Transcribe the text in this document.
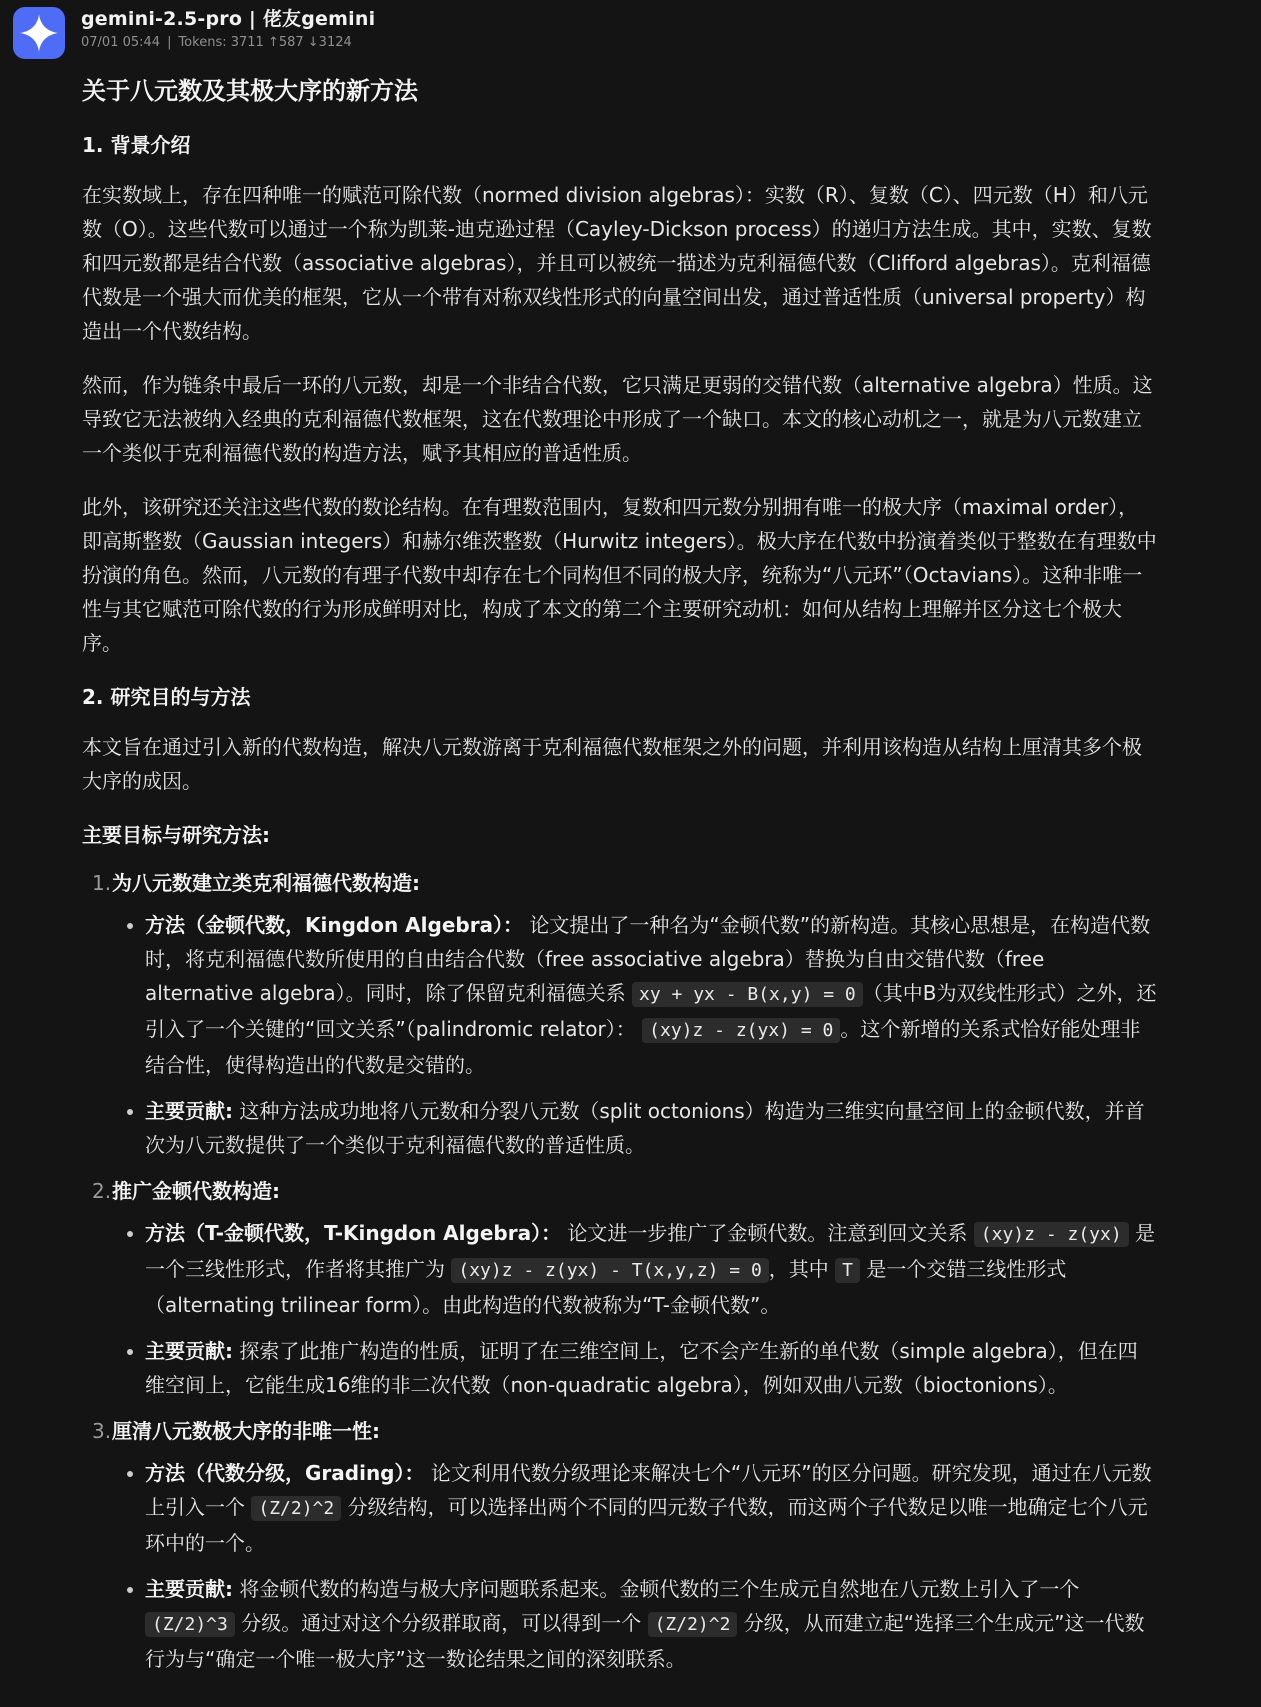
gemini-2.5-pro | 佬友gemini
07/01 05:44 | Tokens: 3711 ↑587 ↓3124
关于八元数及其极大序的新方法
1. 背景介绍

在实数域上，存在四种唯一的赋范可除代数（normed division algebras）：实数（R）、复数（C）、四元数（H）和八元数（O）。这些代数可以通过一个称为凯莱-迪克逊过程（Cayley-Dickson process）的递归方法生成。其中，实数、复数和四元数都是结合代数（associative algebras），并且可以被统一描述为克利福德代数（Clifford algebras）。克利福德代数是一个强大而优美的框架，它从一个带有对称双线性形式的向量空间出发，通过普适性质（universal property）构造出一个代数结构。

然而，作为链条中最后一环的八元数，却是一个非结合代数，它只满足更弱的交错代数（alternative algebra）性质。这导致它无法被纳入经典的克利福德代数框架，这在代数理论中形成了一个缺口。本文的核心动机之一，就是为八元数建立一个类似于克利福德代数的构造方法，赋予其相应的普适性质。

此外，该研究还关注这些代数的数论结构。在有理数范围内，复数和四元数分别拥有唯一的极大序（maximal order），即高斯整数（Gaussian integers）和赫尔维茨整数（Hurwitz integers）。极大序在代数中扮演着类似于整数在有理数中扮演的角色。然而，八元数的有理子代数中却存在七个同构但不同的极大序，统称为“八元环”（Octavians）。这种非唯一性与其它赋范可除代数的行为形成鲜明对比，构成了本文的第二个主要研究动机：如何从结构上理解并区分这七个极大序。

2. 研究目的与方法

本文旨在通过引入新的代数构造，解决八元数游离于克利福德代数框架之外的问题，并利用该构造从结构上厘清其多个极大序的成因。

主要目标与研究方法:

1. 为八元数建立类克利福德代数构造:
方法（金顿代数，Kingdon Algebra）： 论文提出了一种名为“金顿代数”的新构造。其核心思想是，在构造代数时，将克利福德代数所使用的自由结合代数（free associative algebra）替换为自由交错代数（free alternative algebra）。同时，除了保留克利福德关系 xy + yx - B(x,y) = 0 （其中B为双线性形式）之外，还引入了一个关键的“回文关系”（palindromic relator）： (xy)z - z(yx) = 0 。这个新增的关系式恰好能处理非结合性，使得构造出的代数是交错的。
主要贡献: 这种方法成功地将八元数和分裂八元数（split octonions）构造为三维实向量空间上的金顿代数，并首次为八元数提供了一个类似于克利福德代数的普适性质。
2. 推广金顿代数构造:
方法（T-金顿代数，T-Kingdon Algebra）： 论文进一步推广了金顿代数。注意到回文关系 (xy)z - z(yx) 是一个三线性形式，作者将其推广为 (xy)z - z(yx) - T(x,y,z) = 0 ，其中 T 是一个交错三线性形式（alternating trilinear form）。由此构造的代数被称为“T-金顿代数”。
主要贡献: 探索了此推广构造的性质，证明了在三维空间上，它不会产生新的单代数（simple algebra），但在四维空间上，它能生成16维的非二次代数（non-quadratic algebra），例如双曲八元数（bioctonions）。
3. 厘清八元数极大序的非唯一性:
方法（代数分级，Grading）： 论文利用代数分级理论来解决七个“八元环”的区分问题。研究发现，通过在八元数上引入一个 (Z/2)^2 分级结构，可以选择出两个不同的四元数子代数，而这两个子代数足以唯一地确定七个八元环中的一个。
主要贡献: 将金顿代数的构造与极大序问题联系起来。金顿代数的三个生成元自然地在八元数上引入了一个 (Z/2)^3 分级。通过对这个分级群取商，可以得到一个 (Z/2)^2 分级，从而建立起“选择三个生成元”这一代数行为与“确定一个唯一极大序”这一数论结果之间的深刻联系。
